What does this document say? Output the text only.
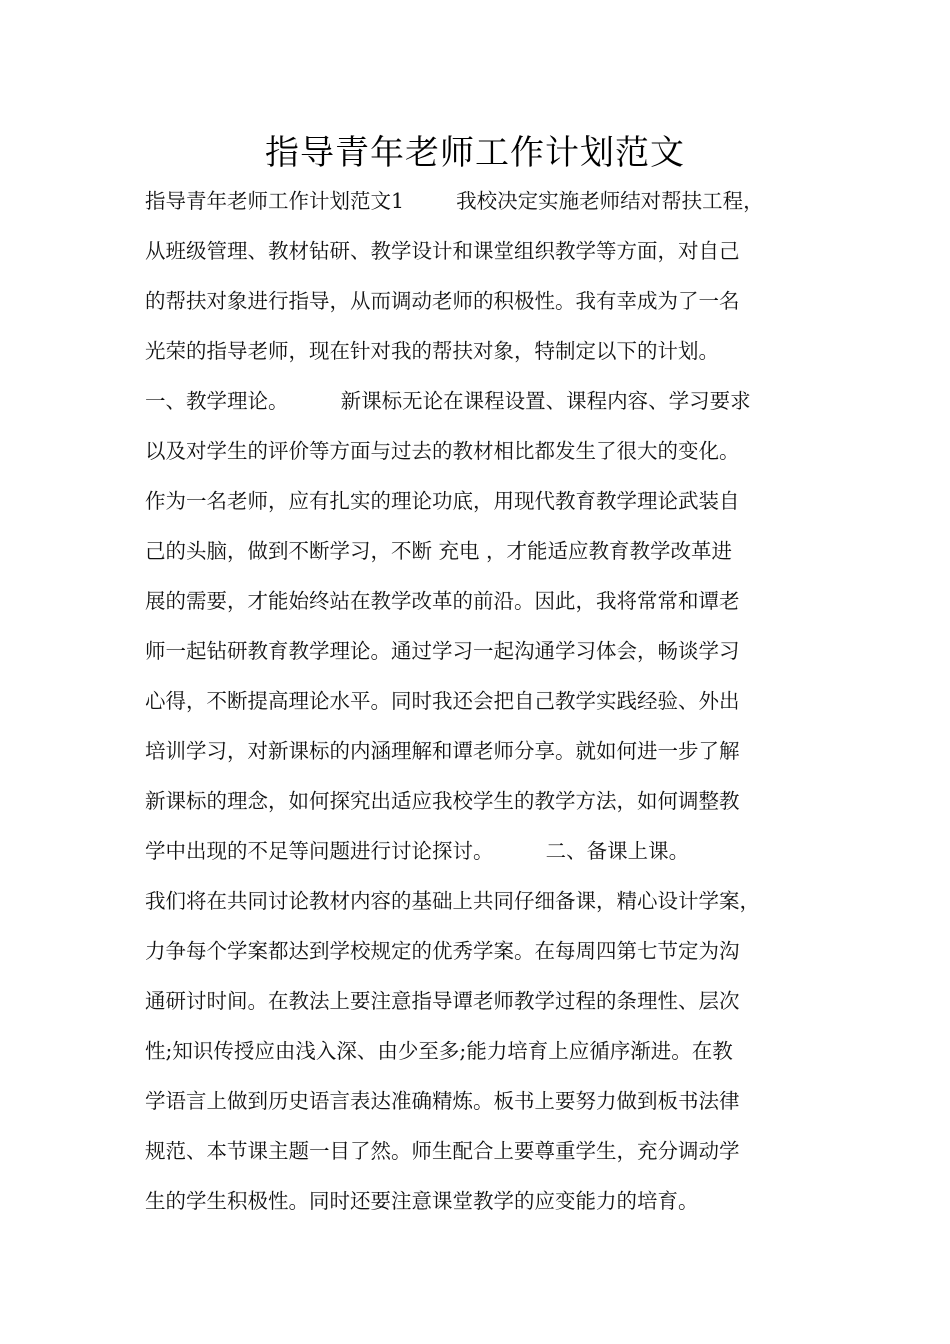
指导青年老师工作计划范文
指导青年老师工作计划范文1        我校决定实施老师结对帮扶工程，
从班级管理、教材钻研、教学设计和课堂组织教学等方面，对自己
的帮扶对象进行指导，从而调动老师的积极性。我有幸成为了一名
光荣的指导老师，现在针对我的帮扶对象，特制定以下的计划。
一、教学理论。        新课标无论在课程设置、课程内容、学习要求
以及对学生的评价等方面与过去的教材相比都发生了很大的变化。
作为一名老师，应有扎实的理论功底，用现代教育教学理论武装自
己的头脑，做到不断学习，不断 充电 ，才能适应教育教学改革进
展的需要，才能始终站在教学改革的前沿。因此，我将常常和谭老
师一起钻研教育教学理论。通过学习一起沟通学习体会，畅谈学习
心得，不断提高理论水平。同时我还会把自己教学实践经验、外出
培训学习，对新课标的内涵理解和谭老师分享。就如何进一步了解
新课标的理念，如何探究出适应我校学生的教学方法，如何调整教
学中出现的不足等问题进行讨论探讨。        二、备课上课。
我们将在共同讨论教材内容的基础上共同仔细备课，精心设计学案，
力争每个学案都达到学校规定的优秀学案。在每周四第七节定为沟
通研讨时间。在教法上要注意指导谭老师教学过程的条理性、层次
性;知识传授应由浅入深、由少至多;能力培育上应循序渐进。在教
学语言上做到历史语言表达准确精炼。板书上要努力做到板书法律
规范、本节课主题一目了然。师生配合上要尊重学生，充分调动学
生的学生积极性。同时还要注意课堂教学的应变能力的培育。
